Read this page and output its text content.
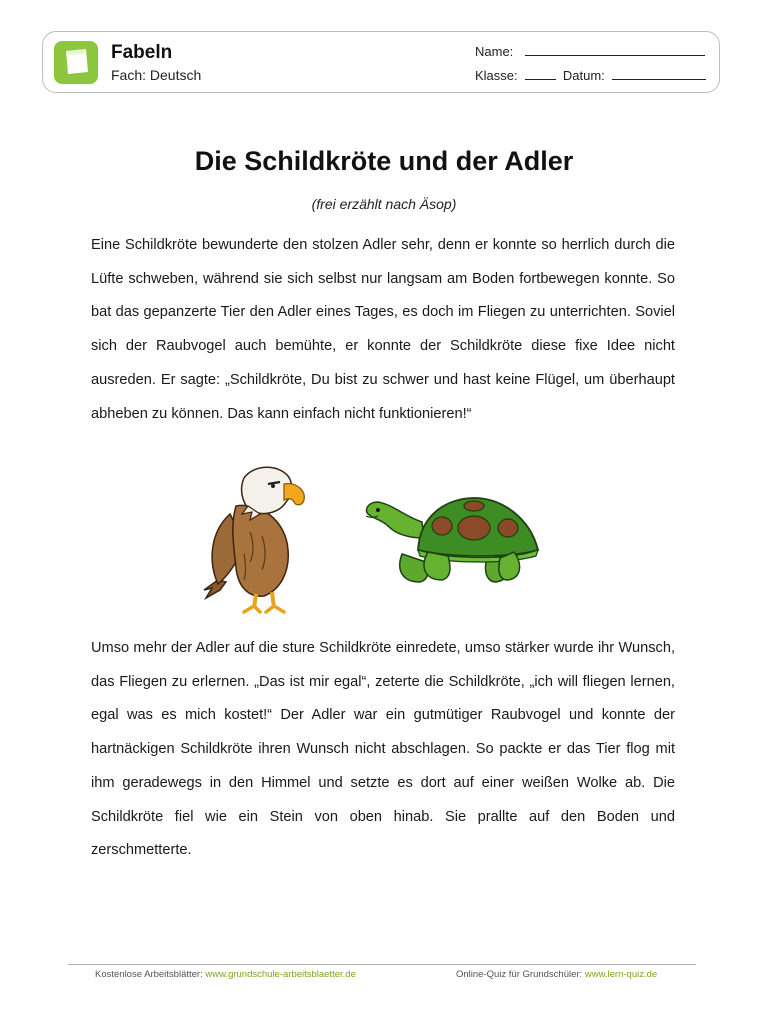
Fabeln
Fach: Deutsch
Name:
Klasse:	Datum:
Die Schildkröte und der Adler
(frei erzählt nach Äsop)

Eine Schildkröte bewunderte den stolzen Adler sehr, denn er konnte so herrlich durch die Lüfte schweben, während sie sich selbst nur langsam am Boden fortbewegen konnte. So bat das gepanzerte Tier den Adler eines Tages, es doch im Fliegen zu unterrichten. Soviel sich der Raubvogel auch bemühte, er konnte der Schildkröte diese fixe Idee nicht ausreden. Er sagte: „Schildkröte, Du bist zu schwer und hast keine Flügel, um überhaupt abheben zu können. Das kann einfach nicht funktionieren!“

Umso mehr der Adler auf die sture Schildkröte einredete, umso stärker wurde ihr Wunsch, das Fliegen zu erlernen. „Das ist mir egal“, zeterte die Schildkröte, „ich will fliegen lernen, egal was es mich kostet!“ Der Adler war ein gutmütiger Raubvogel und konnte der hartnäckigen Schildkröte ihren Wunsch nicht abschlagen. So packte er das Tier flog mit ihm geradewegs in den Himmel und setzte es dort auf einer weißen Wolke ab. Die Schildkröte fiel wie ein Stein von oben hinab. Sie prallte auf den Boden und zerschmetterte.

Kostenlose Arbeitsblätter: www.grundschule-arbeitsblaetter.de	Online-Quiz für Grundschüler: www.lern-quiz.de
